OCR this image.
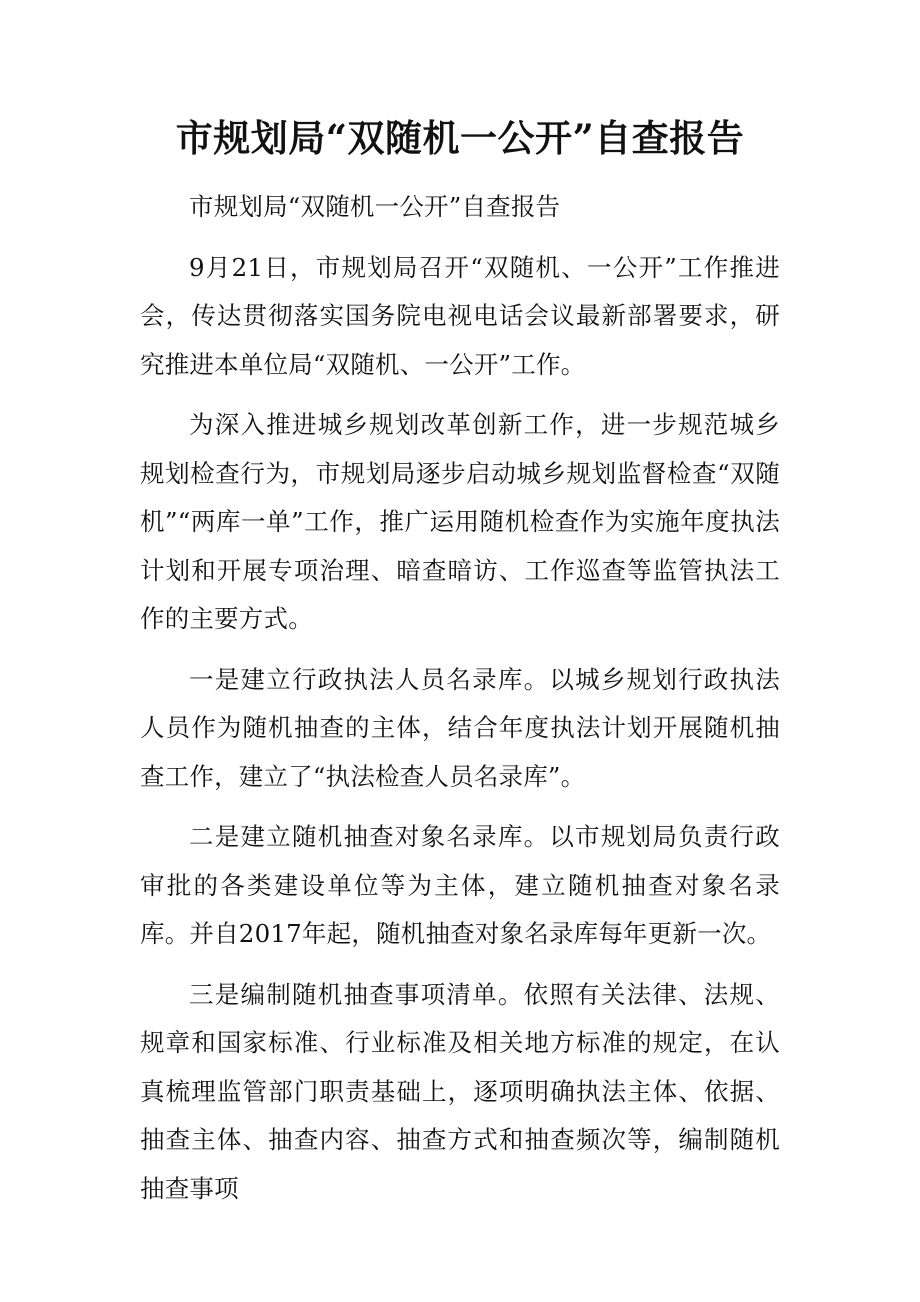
市规划局“双随机一公开”自查报告

市规划局“双随机一公开”自查报告

9月21日，市规划局召开“双随机、一公开”工作推进会，传达贯彻落实国务院电视电话会议最新部署要求，研究推进本单位局“双随机、一公开”工作。

为深入推进城乡规划改革创新工作，进一步规范城乡规划检查行为，市规划局逐步启动城乡规划监督检查“双随机”“两库一单”工作，推广运用随机检查作为实施年度执法计划和开展专项治理、暗查暗访、工作巡查等监管执法工作的主要方式。

一是建立行政执法人员名录库。以城乡规划行政执法人员作为随机抽查的主体，结合年度执法计划开展随机抽查工作，建立了“执法检查人员名录库”。

二是建立随机抽查对象名录库。以市规划局负责行政审批的各类建设单位等为主体，建立随机抽查对象名录库。并自2017年起，随机抽查对象名录库每年更新一次。

三是编制随机抽查事项清单。依照有关法律、法规、规章和国家标准、行业标准及相关地方标准的规定，在认真梳理监管部门职责基础上，逐项明确执法主体、依据、抽查主体、抽查内容、抽查方式和抽查频次等，编制随机抽查事项
